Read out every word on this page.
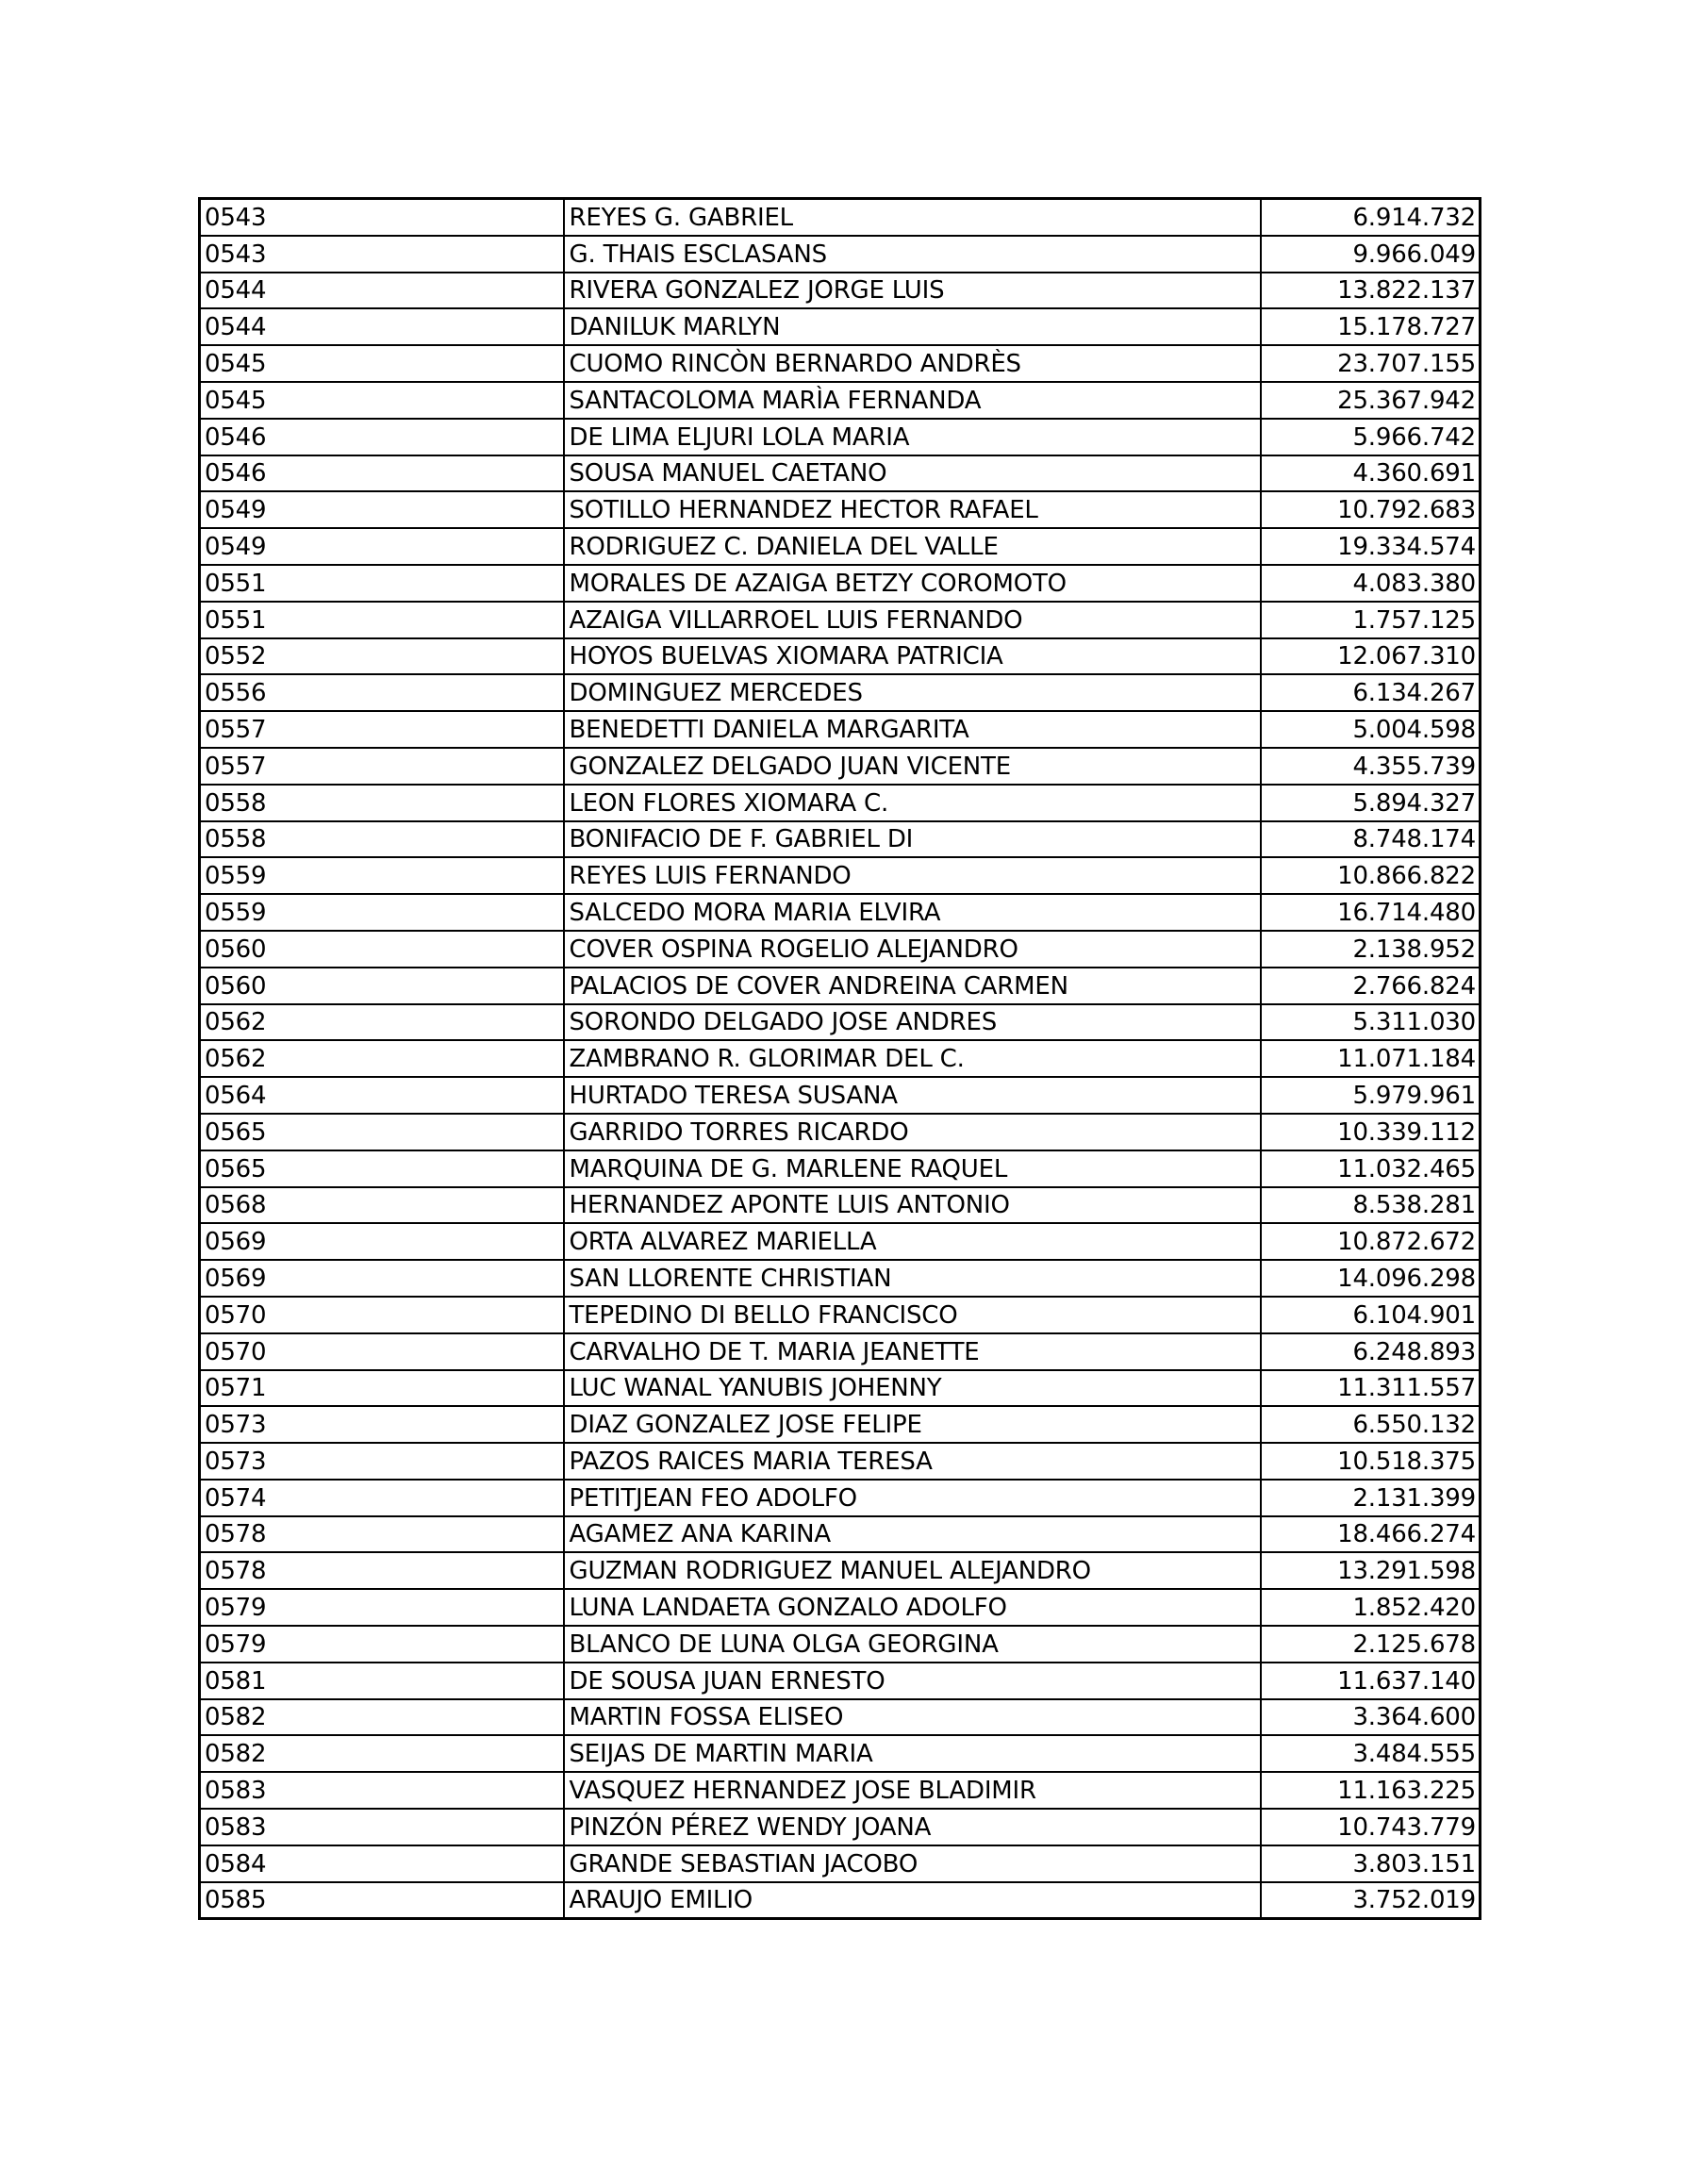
0543	REYES G. GABRIEL	6.914.732
0543	G. THAIS ESCLASANS	9.966.049
0544	RIVERA GONZALEZ JORGE LUIS	13.822.137
0544	DANILUK MARLYN	15.178.727
0545	CUOMO RINCÒN BERNARDO ANDRÈS	23.707.155
0545	SANTACOLOMA MARÌA FERNANDA	25.367.942
0546	DE LIMA ELJURI LOLA MARIA	5.966.742
0546	SOUSA MANUEL CAETANO	4.360.691
0549	SOTILLO HERNANDEZ HECTOR RAFAEL	10.792.683
0549	RODRIGUEZ C. DANIELA DEL VALLE	19.334.574
0551	MORALES DE AZAIGA BETZY COROMOTO	4.083.380
0551	AZAIGA VILLARROEL LUIS FERNANDO	1.757.125
0552	HOYOS BUELVAS XIOMARA PATRICIA	12.067.310
0556	DOMINGUEZ MERCEDES	6.134.267
0557	BENEDETTI DANIELA MARGARITA	5.004.598
0557	GONZALEZ DELGADO JUAN VICENTE	4.355.739
0558	LEON FLORES XIOMARA C.	5.894.327
0558	BONIFACIO DE F. GABRIEL DI	8.748.174
0559	REYES LUIS FERNANDO	10.866.822
0559	SALCEDO MORA MARIA ELVIRA	16.714.480
0560	COVER OSPINA ROGELIO ALEJANDRO	2.138.952
0560	PALACIOS DE COVER ANDREINA CARMEN	2.766.824
0562	SORONDO DELGADO JOSE ANDRES	5.311.030
0562	ZAMBRANO R. GLORIMAR DEL C.	11.071.184
0564	HURTADO TERESA SUSANA	5.979.961
0565	GARRIDO TORRES RICARDO	10.339.112
0565	MARQUINA DE G. MARLENE RAQUEL	11.032.465
0568	HERNANDEZ APONTE LUIS ANTONIO	8.538.281
0569	ORTA ALVAREZ MARIELLA	10.872.672
0569	SAN LLORENTE CHRISTIAN	14.096.298
0570	TEPEDINO DI BELLO FRANCISCO	6.104.901
0570	CARVALHO DE T. MARIA JEANETTE	6.248.893
0571	LUC WANAL YANUBIS JOHENNY	11.311.557
0573	DIAZ GONZALEZ JOSE FELIPE	6.550.132
0573	PAZOS RAICES MARIA TERESA	10.518.375
0574	PETITJEAN FEO ADOLFO	2.131.399
0578	AGAMEZ ANA KARINA	18.466.274
0578	GUZMAN RODRIGUEZ MANUEL ALEJANDRO	13.291.598
0579	LUNA LANDAETA GONZALO ADOLFO	1.852.420
0579	BLANCO DE LUNA OLGA GEORGINA	2.125.678
0581	DE SOUSA JUAN ERNESTO	11.637.140
0582	MARTIN FOSSA ELISEO	3.364.600
0582	SEIJAS DE MARTIN MARIA	3.484.555
0583	VASQUEZ HERNANDEZ JOSE BLADIMIR	11.163.225
0583	PINZÓN PÉREZ WENDY JOANA	10.743.779
0584	GRANDE SEBASTIAN JACOBO	3.803.151
0585	ARAUJO EMILIO	3.752.019
